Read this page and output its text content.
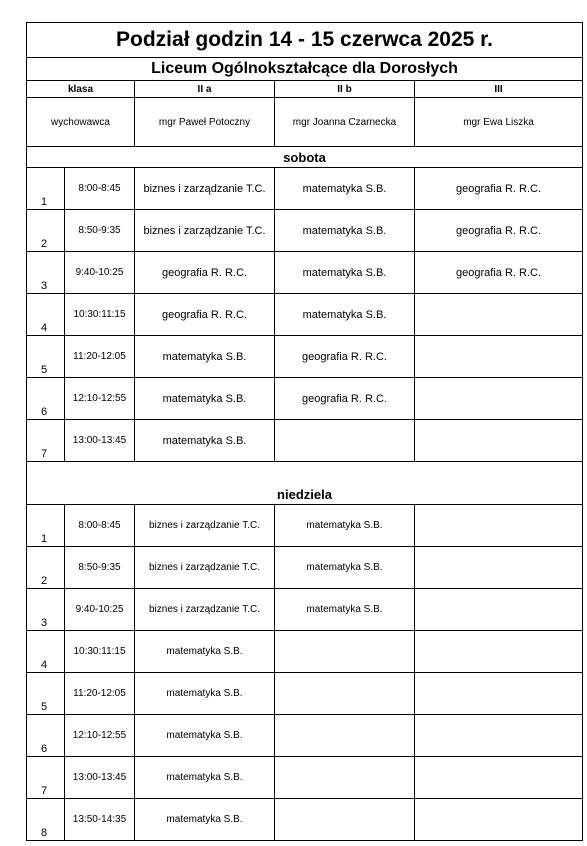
Podział godzin 14 - 15 czerwca 2025 r.				
Liceum Ogólnokształcące dla Dorosłych				
klasa		II a	II b	III
wychowawca		mgr Paweł Potoczny	mgr Joanna Czarnecka	mgr Ewa Liszka
sobota				
1	8:00-8:45	biznes i zarządzanie T.C.	matematyka S.B.	geografia R. R.C.
2	8:50-9:35	biznes i zarządzanie T.C.	matematyka S.B.	geografia R. R.C.
3	9:40-10:25	geografia R. R.C.	matematyka S.B.	geografia R. R.C.
4	10:30:11:15	geografia R. R.C.	matematyka S.B.	
5	11:20-12:05	matematyka S.B.	geografia R. R.C.	
6	12:10-12:55	matematyka S.B.	geografia R. R.C.	
7	13:00-13:45	matematyka S.B.		

niedziela				
1	8:00-8:45	biznes i zarządzanie T.C.	matematyka S.B.	
2	8:50-9:35	biznes i zarządzanie T.C.	matematyka S.B.	
3	9:40-10:25	biznes i zarządzanie T.C.	matematyka S.B.	
4	10:30:11:15	matematyka S.B.		
5	11:20-12:05	matematyka S.B.		
6	12:10-12:55	matematyka S.B.		
7	13:00-13:45	matematyka S.B.		
8	13:50-14:35	matematyka S.B.		
